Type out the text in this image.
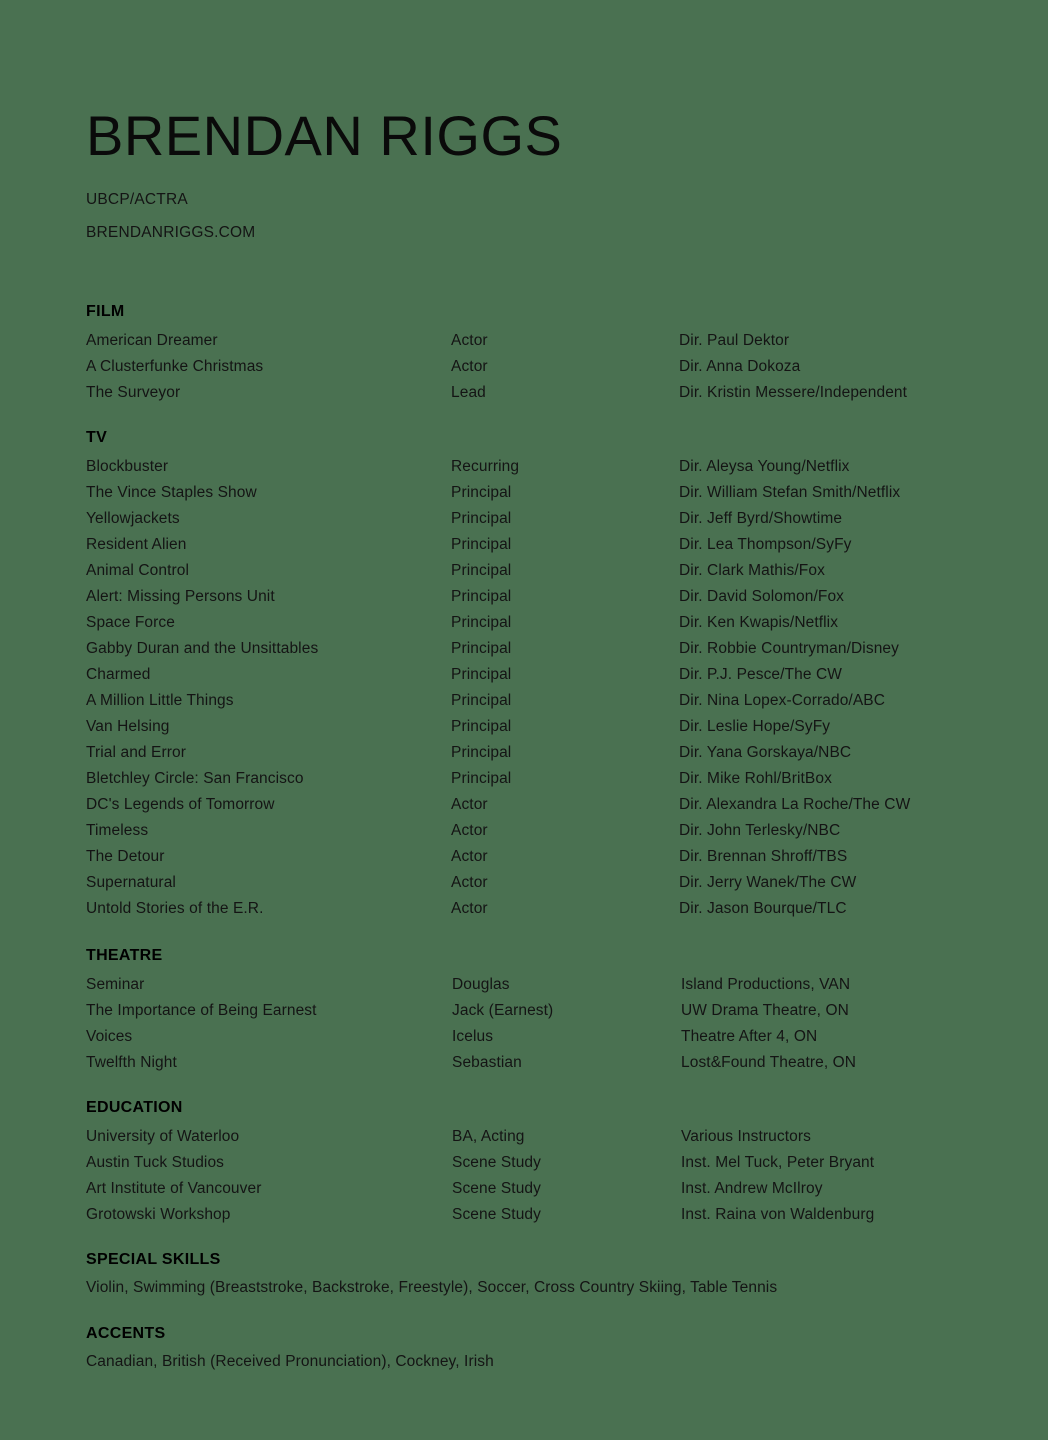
BRENDAN RIGGS
UBCP/ACTRA
BRENDANRIGGS.COM
FILM
American Dreamer	Actor	Dir. Paul Dektor
A Clusterfunke Christmas	Actor	Dir. Anna Dokoza
The Surveyor	Lead	Dir. Kristin Messere/Independent
TV
Blockbuster	Recurring	Dir. Aleysa Young/Netflix
The Vince Staples Show	Principal	Dir. William Stefan Smith/Netflix
Yellowjackets	Principal	Dir. Jeff Byrd/Showtime
Resident Alien	Principal	Dir. Lea Thompson/SyFy
Animal Control	Principal	Dir. Clark Mathis/Fox
Alert: Missing Persons Unit	Principal	Dir. David Solomon/Fox
Space Force	Principal	Dir. Ken Kwapis/Netflix
Gabby Duran and the Unsittables	Principal	Dir. Robbie Countryman/Disney
Charmed	Principal	Dir. P.J. Pesce/The CW
A Million Little Things	Principal	Dir. Nina Lopex-Corrado/ABC
Van Helsing	Principal	Dir. Leslie Hope/SyFy
Trial and Error	Principal	Dir. Yana Gorskaya/NBC
Bletchley Circle: San Francisco	Principal	Dir. Mike Rohl/BritBox
DC's Legends of Tomorrow	Actor	Dir. Alexandra La Roche/The CW
Timeless	Actor	Dir. John Terlesky/NBC
The Detour	Actor	Dir. Brennan Shroff/TBS
Supernatural	Actor	Dir. Jerry Wanek/The CW
Untold Stories of the E.R.	Actor	Dir. Jason Bourque/TLC
THEATRE
Seminar	Douglas	Island Productions, VAN
The Importance of Being Earnest	Jack (Earnest)	UW Drama Theatre, ON
Voices	Icelus	Theatre After 4, ON
Twelfth Night	Sebastian	Lost&Found Theatre, ON
EDUCATION
University of Waterloo	BA, Acting	Various Instructors
Austin Tuck Studios	Scene Study	Inst. Mel Tuck, Peter Bryant
Art Institute of Vancouver	Scene Study	Inst. Andrew McIlroy
Grotowski Workshop	Scene Study	Inst. Raina von Waldenburg
SPECIAL SKILLS
Violin, Swimming (Breaststroke, Backstroke, Freestyle), Soccer, Cross Country Skiing, Table Tennis
ACCENTS
Canadian, British (Received Pronunciation), Cockney, Irish
